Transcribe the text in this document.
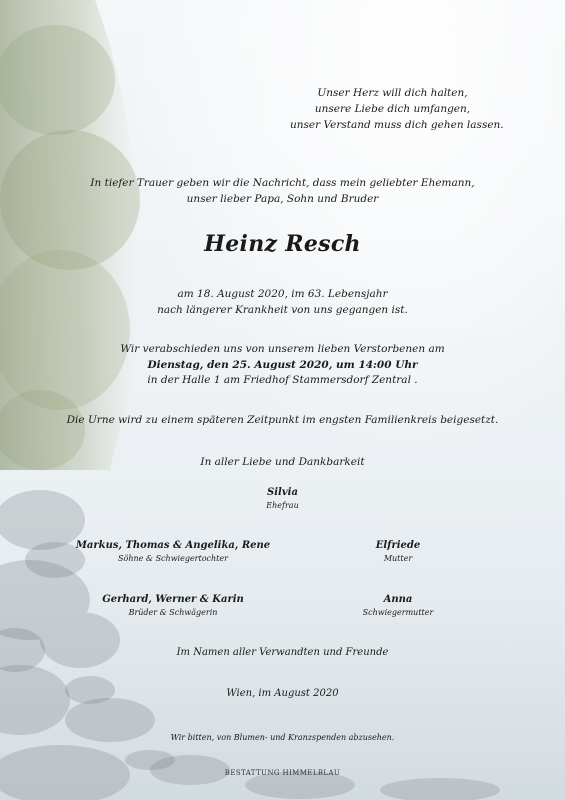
Unser Herz will dich halten,
unsere Liebe dich umfangen,
unser Verstand muss dich gehen lassen.
In tiefer Trauer geben wir die Nachricht, dass mein geliebter Ehemann,
unser lieber Papa, Sohn und Bruder
Heinz Resch
am 18. August 2020, im 63. Lebensjahr
nach längerer Krankheit von uns gegangen ist.
Wir verabschieden uns von unserem lieben Verstorbenen am
Dienstag, den 25. August 2020, um 14:00 Uhr
in der Halle 1 am Friedhof Stammersdorf Zentral .
Die Urne wird zu einem späteren Zeitpunkt im engsten Familienkreis beigesetzt.
In aller Liebe und Dankbarkeit
Silvia
Ehefrau
Markus, Thomas & Angelika, Rene
Söhne & Schwiegertochter
Elfriede
Mutter
Gerhard, Werner & Karin
Brüder & Schwägerin
Anna
Schwiegermutter
Im Namen aller Verwandten und Freunde
Wien, im August 2020
Wir bitten, von Blumen- und Kranzspenden abzusehen.
BESTATTUNG HIMMELBLAU
